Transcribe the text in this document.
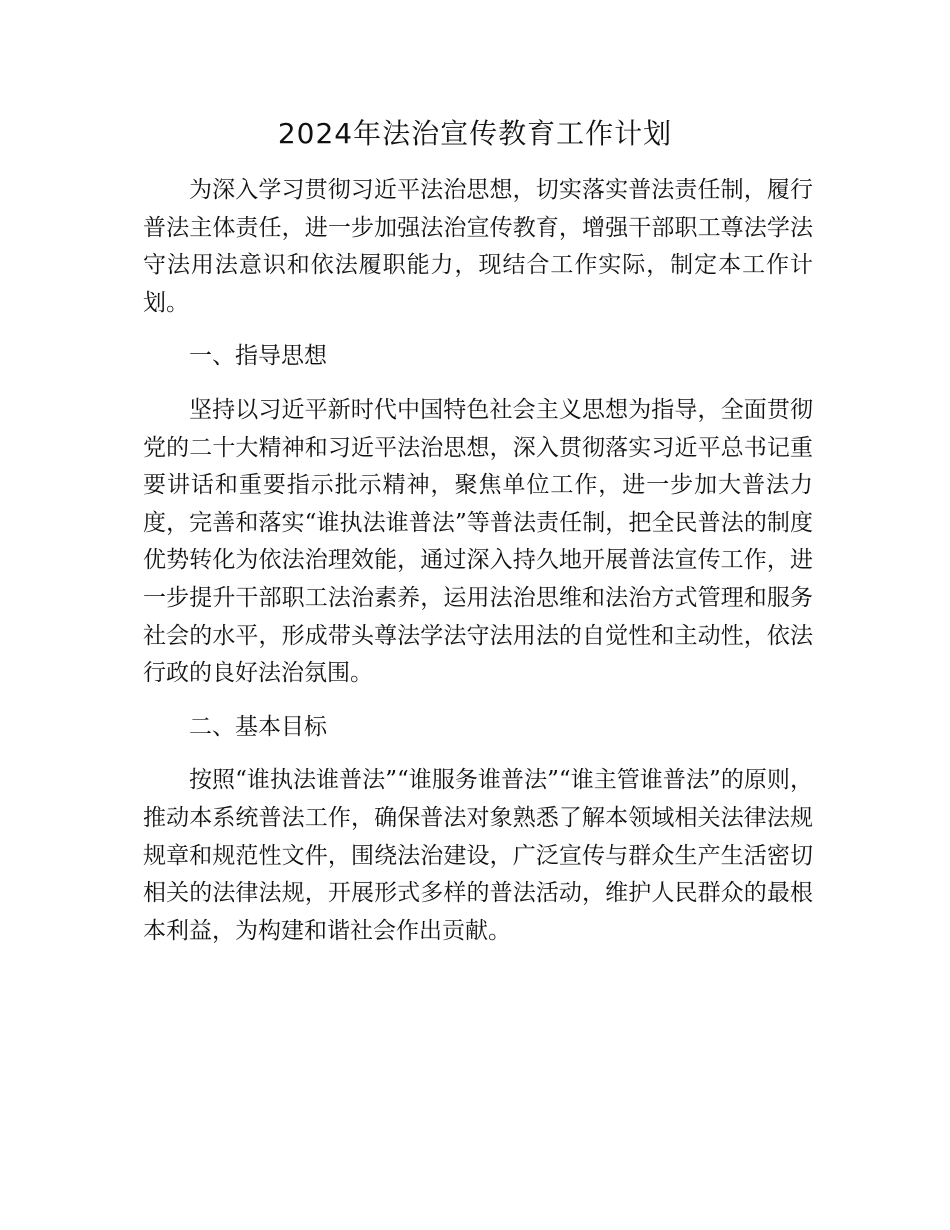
2024年法治宣传教育工作计划

为深入学习贯彻习近平法治思想，切实落实普法责任制，履行普法主体责任，进一步加强法治宣传教育，增强干部职工尊法学法守法用法意识和依法履职能力，现结合工作实际，制定本工作计划。

一、指导思想

坚持以习近平新时代中国特色社会主义思想为指导，全面贯彻党的二十大精神和习近平法治思想，深入贯彻落实习近平总书记重要讲话和重要指示批示精神，聚焦单位工作，进一步加大普法力度，完善和落实“谁执法谁普法”等普法责任制，把全民普法的制度优势转化为依法治理效能，通过深入持久地开展普法宣传工作，进一步提升干部职工法治素养，运用法治思维和法治方式管理和服务社会的水平，形成带头尊法学法守法用法的自觉性和主动性，依法行政的良好法治氛围。

二、基本目标

按照“谁执法谁普法”“谁服务谁普法”“谁主管谁普法”的原则，推动本系统普法工作，确保普法对象熟悉了解本领域相关法律法规规章和规范性文件，围绕法治建设，广泛宣传与群众生产生活密切相关的法律法规，开展形式多样的普法活动，维护人民群众的最根本利益，为构建和谐社会作出贡献。
